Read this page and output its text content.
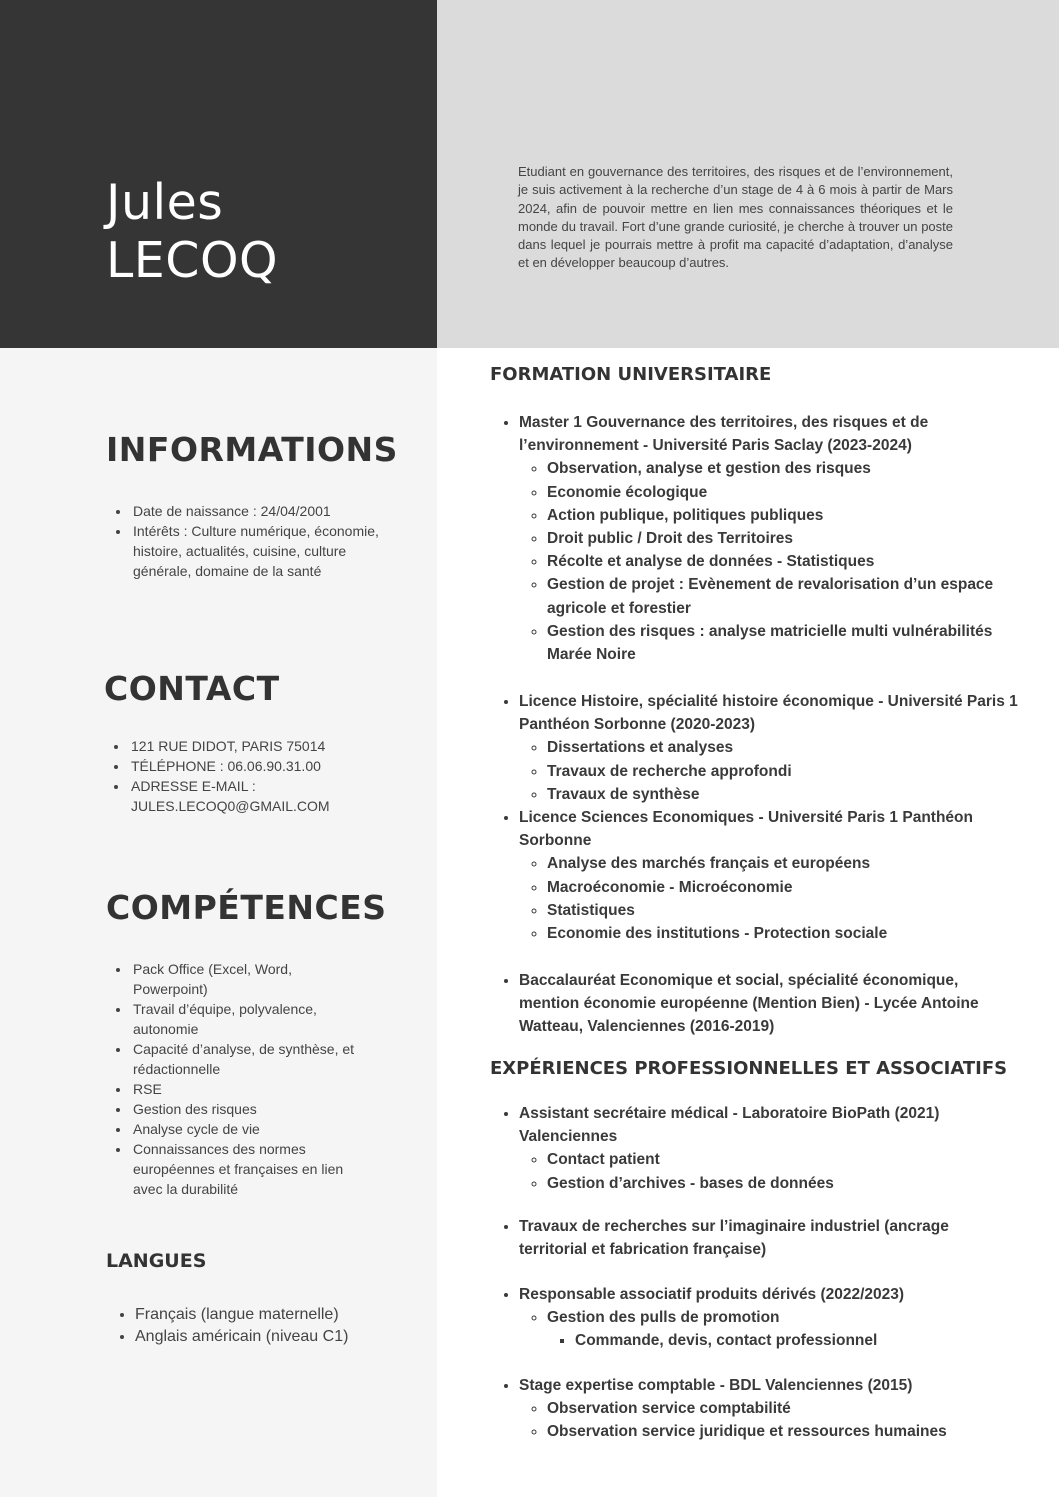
Jules
LECOQ

Etudiant en gouvernance des territoires, des risques et de l’environnement, je suis activement à la recherche d’un stage de 4 à 6 mois à partir de Mars 2024, afin de pouvoir mettre en lien mes connaissances théoriques et le monde du travail. Fort d’une grande curiosité, je cherche à trouver un poste dans lequel je pourrais mettre à profit ma capacité d’adaptation, d’analyse et en développer beaucoup d’autres.

INFORMATIONS
• Date de naissance : 24/04/2001
• Intérêts : Culture numérique, économie, histoire, actualités, cuisine, culture générale, domaine de la santé
CONTACT
• 121 RUE DIDOT, PARIS 75014
• TÉLÉPHONE : 06.06.90.31.00
• ADRESSE E-MAIL : JULES.LECOQ0@GMAIL.COM
COMPÉTENCES
• Pack Office (Excel, Word, Powerpoint)
• Travail d’équipe, polyvalence, autonomie
• Capacité d’analyse, de synthèse, et rédactionnelle
• RSE
• Gestion des risques
• Analyse cycle de vie
• Connaissances des normes européennes et françaises en lien avec la durabilité
LANGUES
• Français (langue maternelle)
• Anglais américain (niveau C1)
FORMATION UNIVERSITAIRE
• Master 1 Gouvernance des territoires, des risques et de l’environnement - Université Paris Saclay (2023-2024)
◦ Observation, analyse et gestion des risques
◦ Economie écologique
◦ Action publique, politiques publiques
◦ Droit public / Droit des Territoires
◦ Récolte et analyse de données - Statistiques
◦ Gestion de projet : Evènement de revalorisation d’un espace agricole et forestier
◦ Gestion des risques : analyse matricielle multi vulnérabilités Marée Noire
• Licence Histoire, spécialité histoire économique - Université Paris 1 Panthéon Sorbonne (2020-2023)
◦ Dissertations et analyses
◦ Travaux de recherche approfondi
◦ Travaux de synthèse
• Licence Sciences Economiques - Université Paris 1 Panthéon Sorbonne
◦ Analyse des marchés français et européens
◦ Macroéconomie - Microéconomie
◦ Statistiques
◦ Economie des institutions - Protection sociale
• Baccalauréat Economique et social, spécialité économique, mention économie européenne (Mention Bien) - Lycée Antoine Watteau, Valenciennes (2016-2019)
EXPÉRIENCES PROFESSIONNELLES ET ASSOCIATIFS
• Assistant secrétaire médical - Laboratoire BioPath (2021) Valenciennes
◦ Contact patient
◦ Gestion d’archives - bases de données
• Travaux de recherches sur l’imaginaire industriel (ancrage territorial et fabrication française)
• Responsable associatif produits dérivés (2022/2023)
◦ Gestion des pulls de promotion
▪ Commande, devis, contact professionnel
• Stage expertise comptable - BDL Valenciennes (2015)
◦ Observation service comptabilité
◦ Observation service juridique et ressources humaines
